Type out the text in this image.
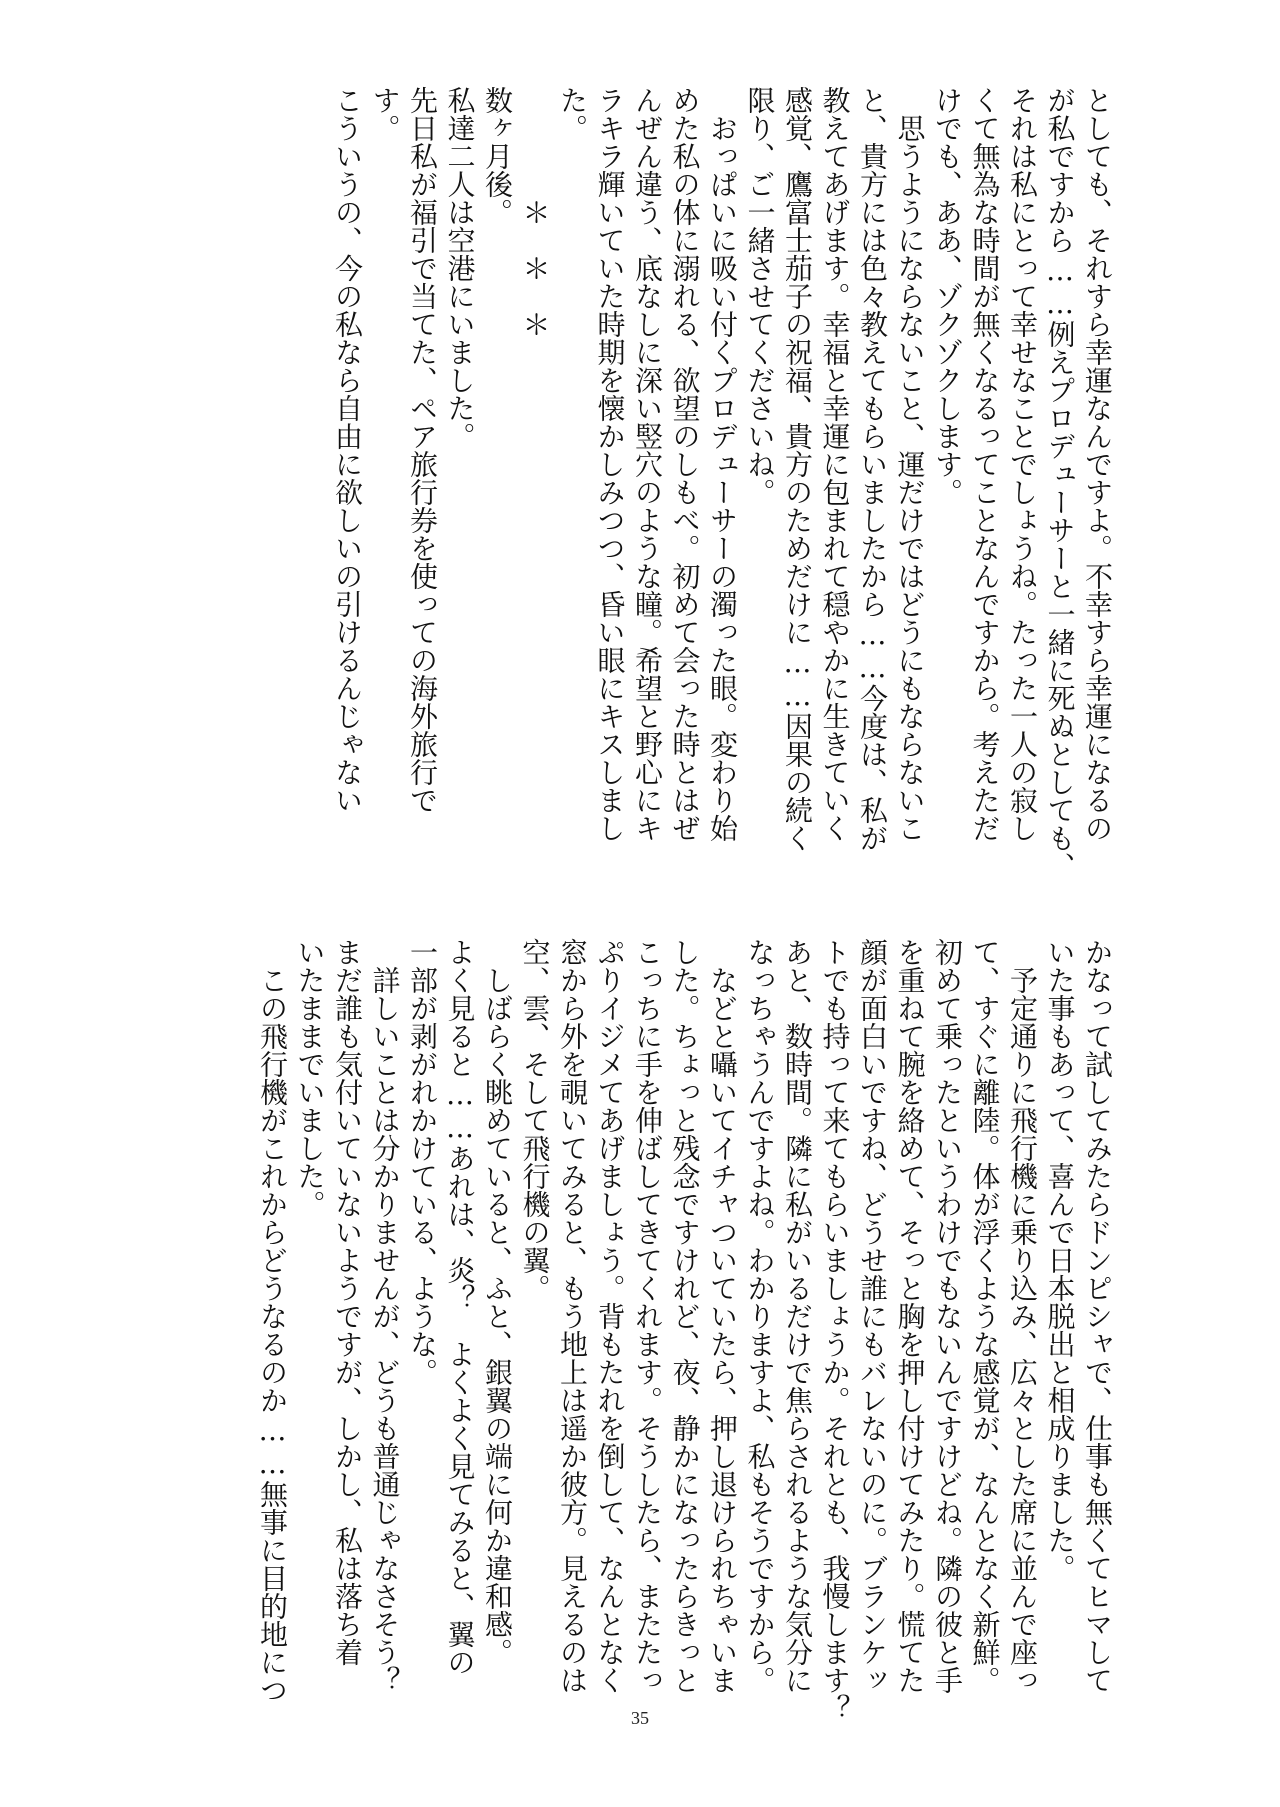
としても、それすら幸運なんですよ。不幸すら幸運になるの
が私ですから……例えプロデューサーと一緒に死ぬとしても、
それは私にとって幸せなことでしょうね。たった一人の寂し
くて無為な時間が無くなるってことなんですから。考えただ
けでも、ああ、ゾクゾクします。
　思うようにならないこと、運だけではどうにもならないこ
と、貴方には色々教えてもらいましたから……今度は、私が
教えてあげます。幸福と幸運に包まれて穏やかに生きていく
感覚、鷹富士茄子の祝福、貴方のためだけに……因果の続く
限り、ご一緒させてくださいね。
　おっぱいに吸い付くプロデューサーの濁った眼。変わり始
めた私の体に溺れる、欲望のしもべ。初めて会った時とはぜ
んぜん違う、底なしに深い竪穴のような瞳。希望と野心にキ
ラキラ輝いていた時期を懐かしみつつ、昏い眼にキスしまし
た。
＊　＊　＊
数ヶ月後。
私達二人は空港にいました。
先日私が福引で当てた、ペア旅行券を使っての海外旅行で
す。
こういうの、今の私なら自由に欲しいの引けるんじゃない
かなって試してみたらドンピシャで、仕事も無くてヒマして
いた事もあって、喜んで日本脱出と相成りました。
　予定通りに飛行機に乗り込み、広々とした席に並んで座っ
て、すぐに離陸。体が浮くような感覚が、なんとなく新鮮。
初めて乗ったというわけでもないんですけどね。隣の彼と手
を重ねて腕を絡めて、そっと胸を押し付けてみたり。慌てた
顔が面白いですね、どうせ誰にもバレないのに。ブランケッ
トでも持って来てもらいましょうか。それとも、我慢します？
あと、数時間。隣に私がいるだけで焦らされるような気分に
なっちゃうんですよね。わかりますよ、私もそうですから。
　などと囁いてイチャついていたら、押し退けられちゃいま
した。ちょっと残念ですけれど、夜、静かになったらきっと
こっちに手を伸ばしてきてくれます。そうしたら、またたっ
ぷりイジメてあげましょう。背もたれを倒して、なんとなく
窓から外を覗いてみると、もう地上は遥か彼方。見えるのは
空、雲、そして飛行機の翼。
　しばらく眺めていると、ふと、銀翼の端に何か違和感。
よく見ると……あれは、炎？　よくよく見てみると、翼の
一部が剥がれかけている、ような。
　詳しいことは分かりませんが、どうも普通じゃなさそう？
まだ誰も気付いていないようですが、しかし、私は落ち着
いたままでいました。
　この飛行機がこれからどうなるのか……無事に目的地につ
35
